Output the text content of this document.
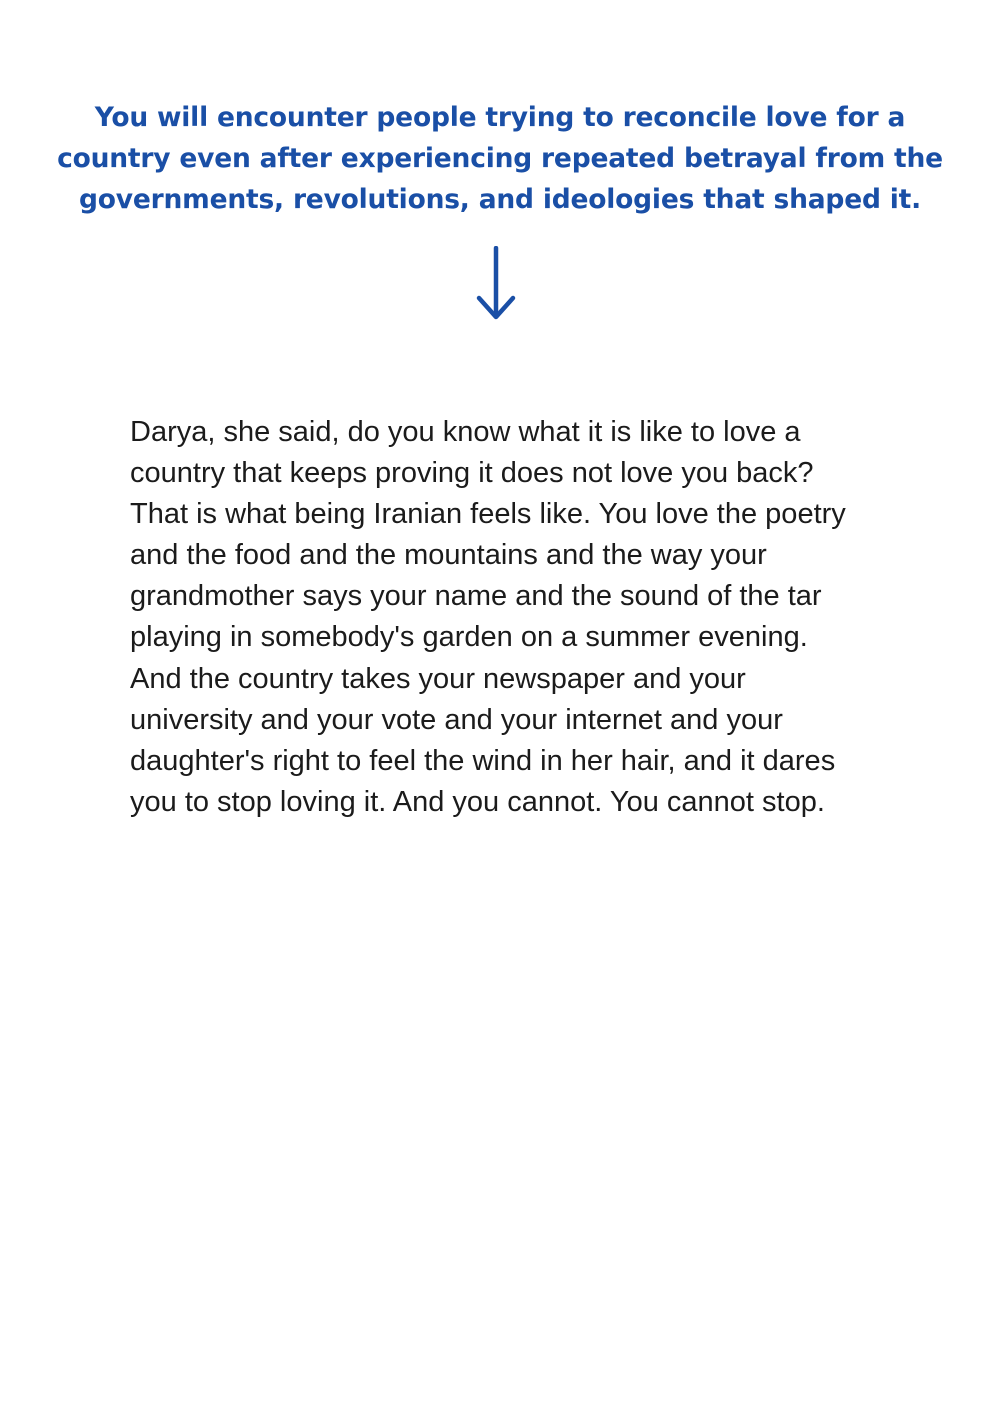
You will encounter people trying to reconcile love for a
country even after experiencing repeated betrayal from the
governments, revolutions, and ideologies that shaped it.
Darya, she said, do you know what it is like to love a
country that keeps proving it does not love you back?
That is what being Iranian feels like. You love the poetry
and the food and the mountains and the way your
grandmother says your name and the sound of the tar
playing in somebody's garden on a summer evening.
And the country takes your newspaper and your
university and your vote and your internet and your
daughter's right to feel the wind in her hair, and it dares
you to stop loving it. And you cannot. You cannot stop.
